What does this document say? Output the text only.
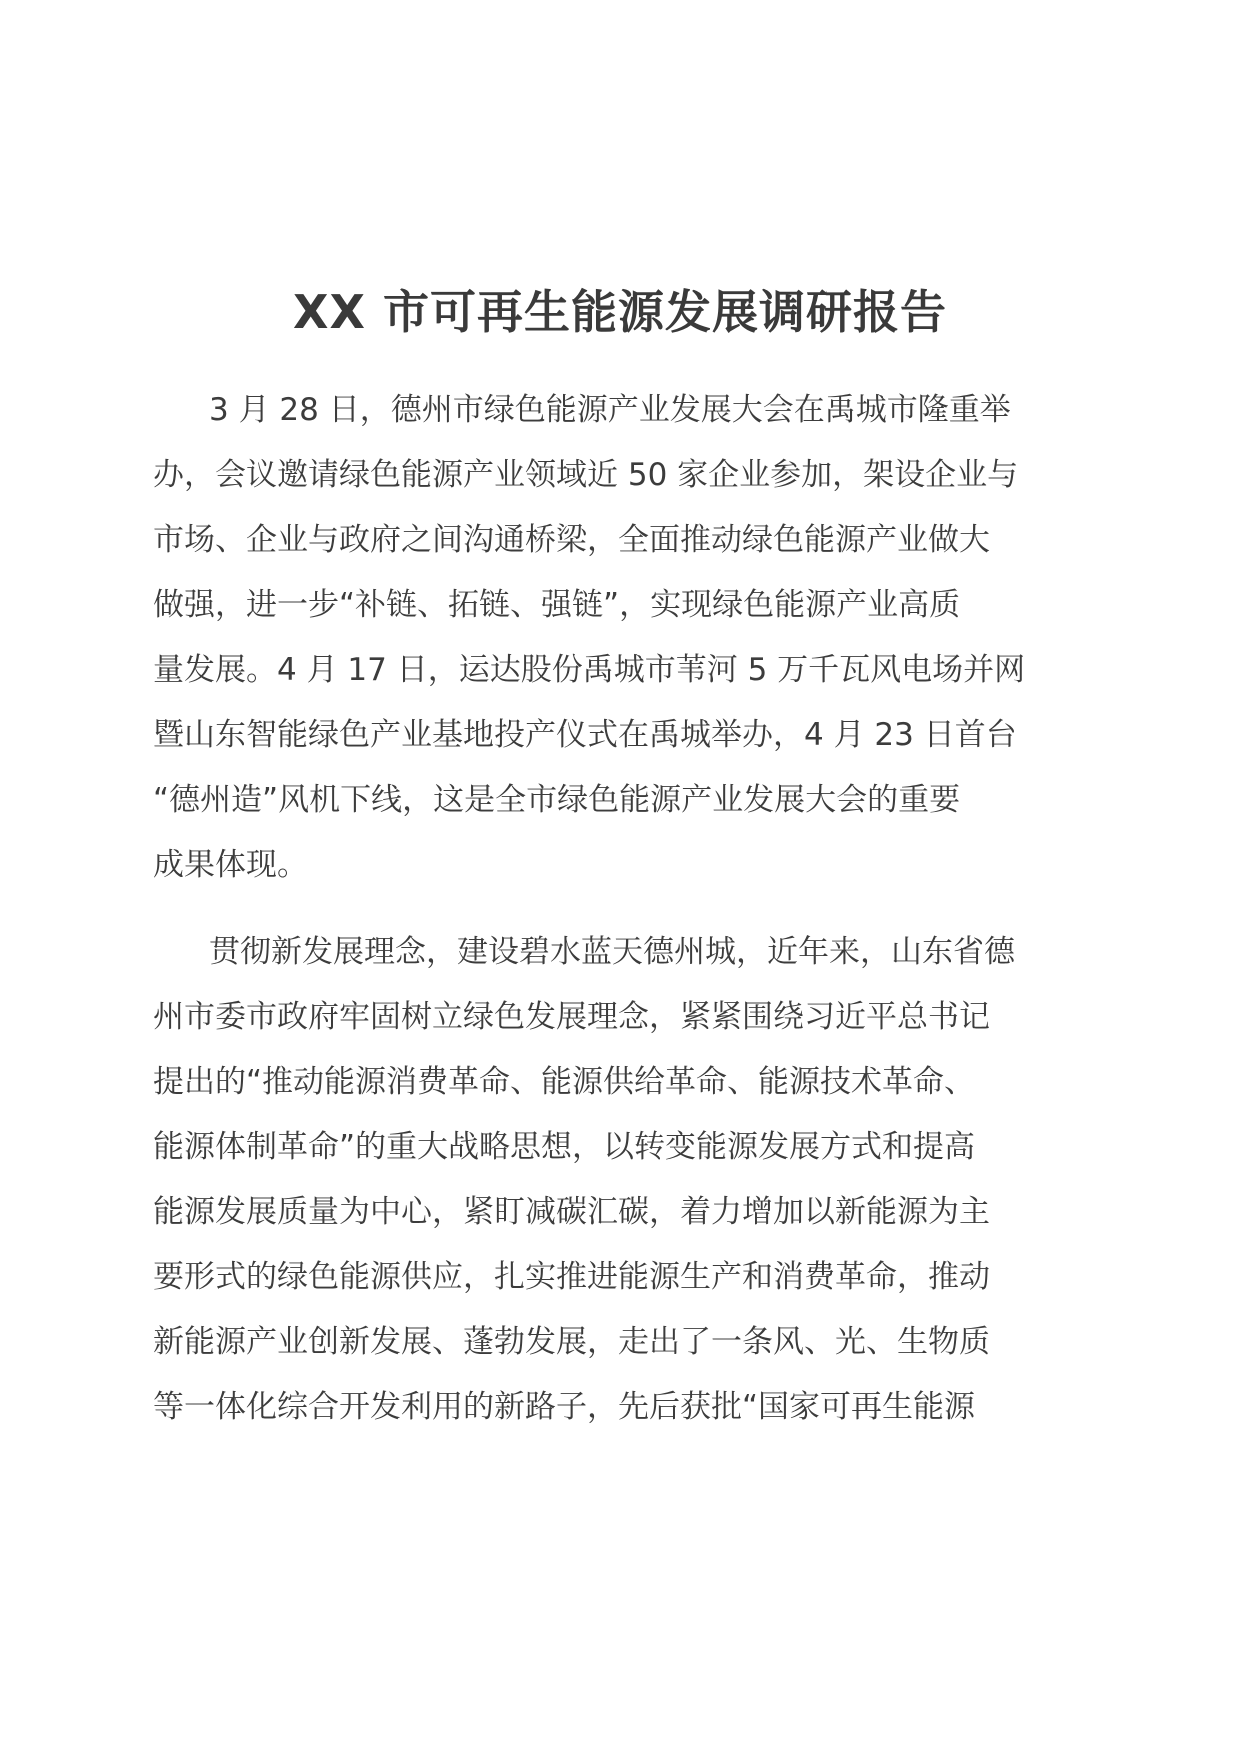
XX 市可再生能源发展调研报告
3 月 28 日，德州市绿色能源产业发展大会在禹城市隆重举
办，会议邀请绿色能源产业领域近 50 家企业参加，架设企业与
市场、企业与政府之间沟通桥梁，全面推动绿色能源产业做大
做强，进一步“补链、拓链、强链”，实现绿色能源产业高质
量发展。4 月 17 日，运达股份禹城市苇河 5 万千瓦风电场并网
暨山东智能绿色产业基地投产仪式在禹城举办，4 月 23 日首台
“德州造”风机下线，这是全市绿色能源产业发展大会的重要
成果体现。
贯彻新发展理念，建设碧水蓝天德州城，近年来，山东省德
州市委市政府牢固树立绿色发展理念，紧紧围绕习近平总书记
提出的“推动能源消费革命、能源供给革命、能源技术革命、
能源体制革命”的重大战略思想，以转变能源发展方式和提高
能源发展质量为中心，紧盯减碳汇碳，着力增加以新能源为主
要形式的绿色能源供应，扎实推进能源生产和消费革命，推动
新能源产业创新发展、蓬勃发展，走出了一条风、光、生物质
等一体化综合开发利用的新路子，先后获批“国家可再生能源
